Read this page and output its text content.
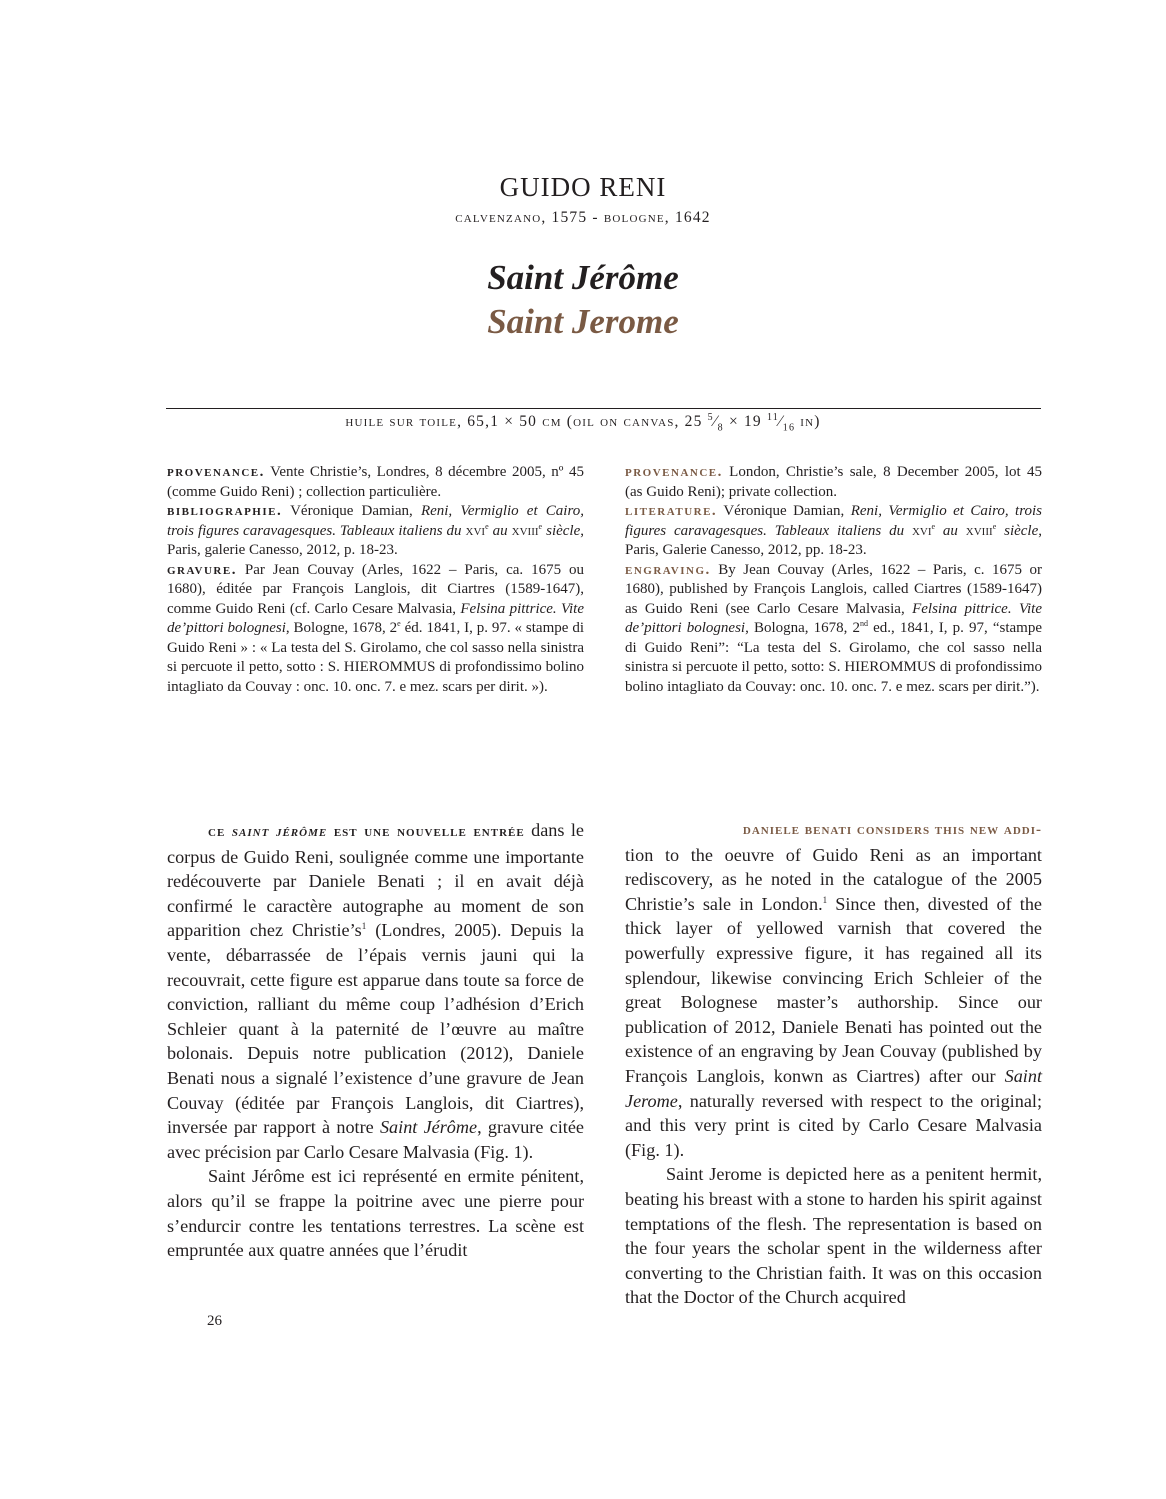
GUIDO RENI
calvenzano, 1575 - bologne, 1642
Saint Jérôme
Saint Jerome
huile sur toile, 65,1 × 50 cm (oil on canvas, 25 $^5⁄_8 \times 19$ $^{11}⁄_{16}$ in)

provenance. Vente Christie’s, Londres, 8 décembre 2005, nº 45 (comme Guido Reni) ; collection particulière.

bibliographie. Véronique Damian, Reni, Vermiglio et Cairo, trois figures caravagesques. Tableaux italiens du xvi$^e$ au xviii$^e$ siècle, Paris, galerie Canesso, 2012, p. 18-23.

gravure. Par Jean Couvay (Arles, 1622 – Paris, ca. 1675 ou 1680), éditée par François Langlois, dit Ciartres (1589-1647), comme Guido Reni (cf. Carlo Cesare Malvasia, Felsina pittrice. Vite de’pittori bolognesi, Bologne, 1678, 2e éd. 1841, I, p. 97. « stampe di Guido Reni » : « La testa del S. Girolamo, che col sasso nella sinistra si percuote il petto, sotto : S. HIEROMMUS di profondissimo bolino intagliato da Couvay : onc. 10. onc. 7. e mez. scars per dirit. »).

provenance. London, Christie’s sale, 8 December 2005, lot 45 (as Guido Reni); private collection.

literature. Véronique Damian, Reni, Vermiglio et Cairo, trois figures caravagesques. Tableaux italiens du xvi$^e$ au xviii$^e$ siècle, Paris, Galerie Canesso, 2012, pp. 18-23.

engraving. By Jean Couvay (Arles, 1622 – Paris, c. 1675 or 1680), published by François Langlois, called Ciartres (1589-1647) as Guido Reni (see Carlo Cesare Malvasia, Felsina pittrice. Vite de’pittori bolognesi, Bologna, 1678, 2nd ed., 1841, I, p. 97, “stampe di Guido Reni”: “La testa del S. Girolamo, che col sasso nella sinistra si percuote il petto, sotto: S. HIEROMMUS di profondissimo bolino intagliato da Couvay: onc. 10. onc. 7. e mez. scars per dirit.”).

ce saint jérôme est une nouvelle entrée dans le corpus de Guido Reni, soulignée comme une importante redécouverte par Daniele Benati ; il en avait déjà confirmé le caractère autographe au moment de son apparition chez $Christie’s^1$ (Londres, 2005). Depuis la vente, débarrassée de l’épais vernis jauni qui la recouvrait, cette figure est apparue dans toute sa force de conviction, ralliant du même coup l’adhésion d’Erich Schleier quant à la paternité de l’œuvre au maître bolonais. Depuis notre publication (2012), Daniele Benati nous a signalé l’existence d’une gravure de Jean Couvay (éditée par François Langlois, dit Ciartres), inversée par rapport à notre Saint Jérôme, gravure citée avec précision par Carlo Cesare Malvasia (Fig. 1).

Saint Jérôme est ici représenté en ermite pénitent, alors qu’il se frappe la poitrine avec une pierre pour s’endurcir contre les tentations terrestres. La scène est empruntée aux quatre années que l’érudit

daniele benati considers this new addi-
tion to the oeuvre of Guido Reni as an important rediscovery, as he noted in the catalogue of the 2005 Christie’s sale in London.$^1$ Since then, divested of the thick layer of yellowed varnish that covered the powerfully expressive figure, it has regained all its splendour, likewise convincing Erich Schleier of the great Bolognese master’s authorship. Since our publication of 2012, Daniele Benati has pointed out the existence of an engraving by Jean Couvay (published by François Langlois, konwn as Ciartres) after our Saint Jerome, naturally reversed with respect to the original; and this very print is cited by Carlo Cesare Malvasia (Fig. 1).

Saint Jerome is depicted here as a penitent hermit, beating his breast with a stone to harden his spirit against temptations of the flesh. The representation is based on the four years the scholar spent in the wilderness after converting to the Christian faith. It was on this occasion that the Doctor of the Church acquired

26
